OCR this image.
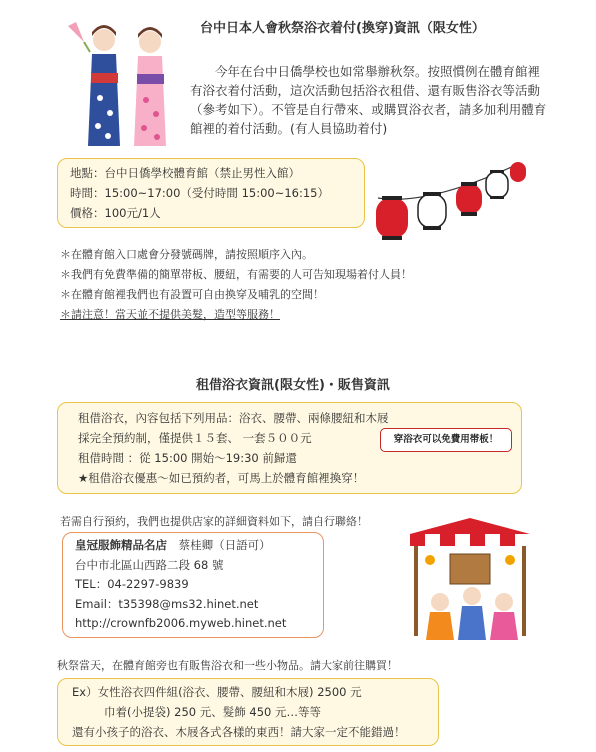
台中日本人會秋祭浴衣着付(換穿)資訊（限女性）

今年在台中日僑學校也如常舉辦秋祭。按照慣例在體育館裡有浴衣着付活動，這次活動包括浴衣租借、還有販售浴衣等活動（參考如下）。不管是自行帶來、或購買浴衣者，請多加利用體育館裡的着付活動。(有人員協助着付)

地點：台中日僑學校體育館（禁止男性入館）
時間：15:00~17:00（受付時間 15:00~16:15）
價格：100元/1人
＊在體育館入口處會分發號碼牌，請按照順序入內。
＊我們有免費準備的簡單帯板、腰紐，有需要的人可告知現場着付人員！
＊在體育館裡我們也有設置可自由換穿及哺乳的空間！
＊請注意！當天並不提供美髮，造型等服務！
租借浴衣資訊(限女性)・販售資訊
租借浴衣，內容包括下列用品：浴衣、腰帶、兩條腰紐和木屐
採完全預約制，僅提供１５套、 一套５００元
租借時間 ：從 15:00 開始～19:30 前歸還
★租借浴衣優惠～如已預約者，可馬上於體育館裡換穿！
穿浴衣可以免費用帯板！
若需自行預約，我們也提供店家的詳細資料如下，請自行聯絡！
皇冠服飾精品名店 蔡桂卿（日語可）
台中市北區山西路二段 68 號
TEL：04-2297-9839
Email：t35398@ms32.hinet.net
http://crownfb2006.myweb.hinet.net
秋祭當天，在體育館旁也有販售浴衣和一些小物品。請大家前往購買！
Ex）女性浴衣四件組(浴衣、腰帶、腰紐和木屐) 2500 元
巾着(小提袋) 250 元、髮飾 450 元…等等
還有小孩子的浴衣、木屐各式各樣的東西！請大家一定不能錯過！
